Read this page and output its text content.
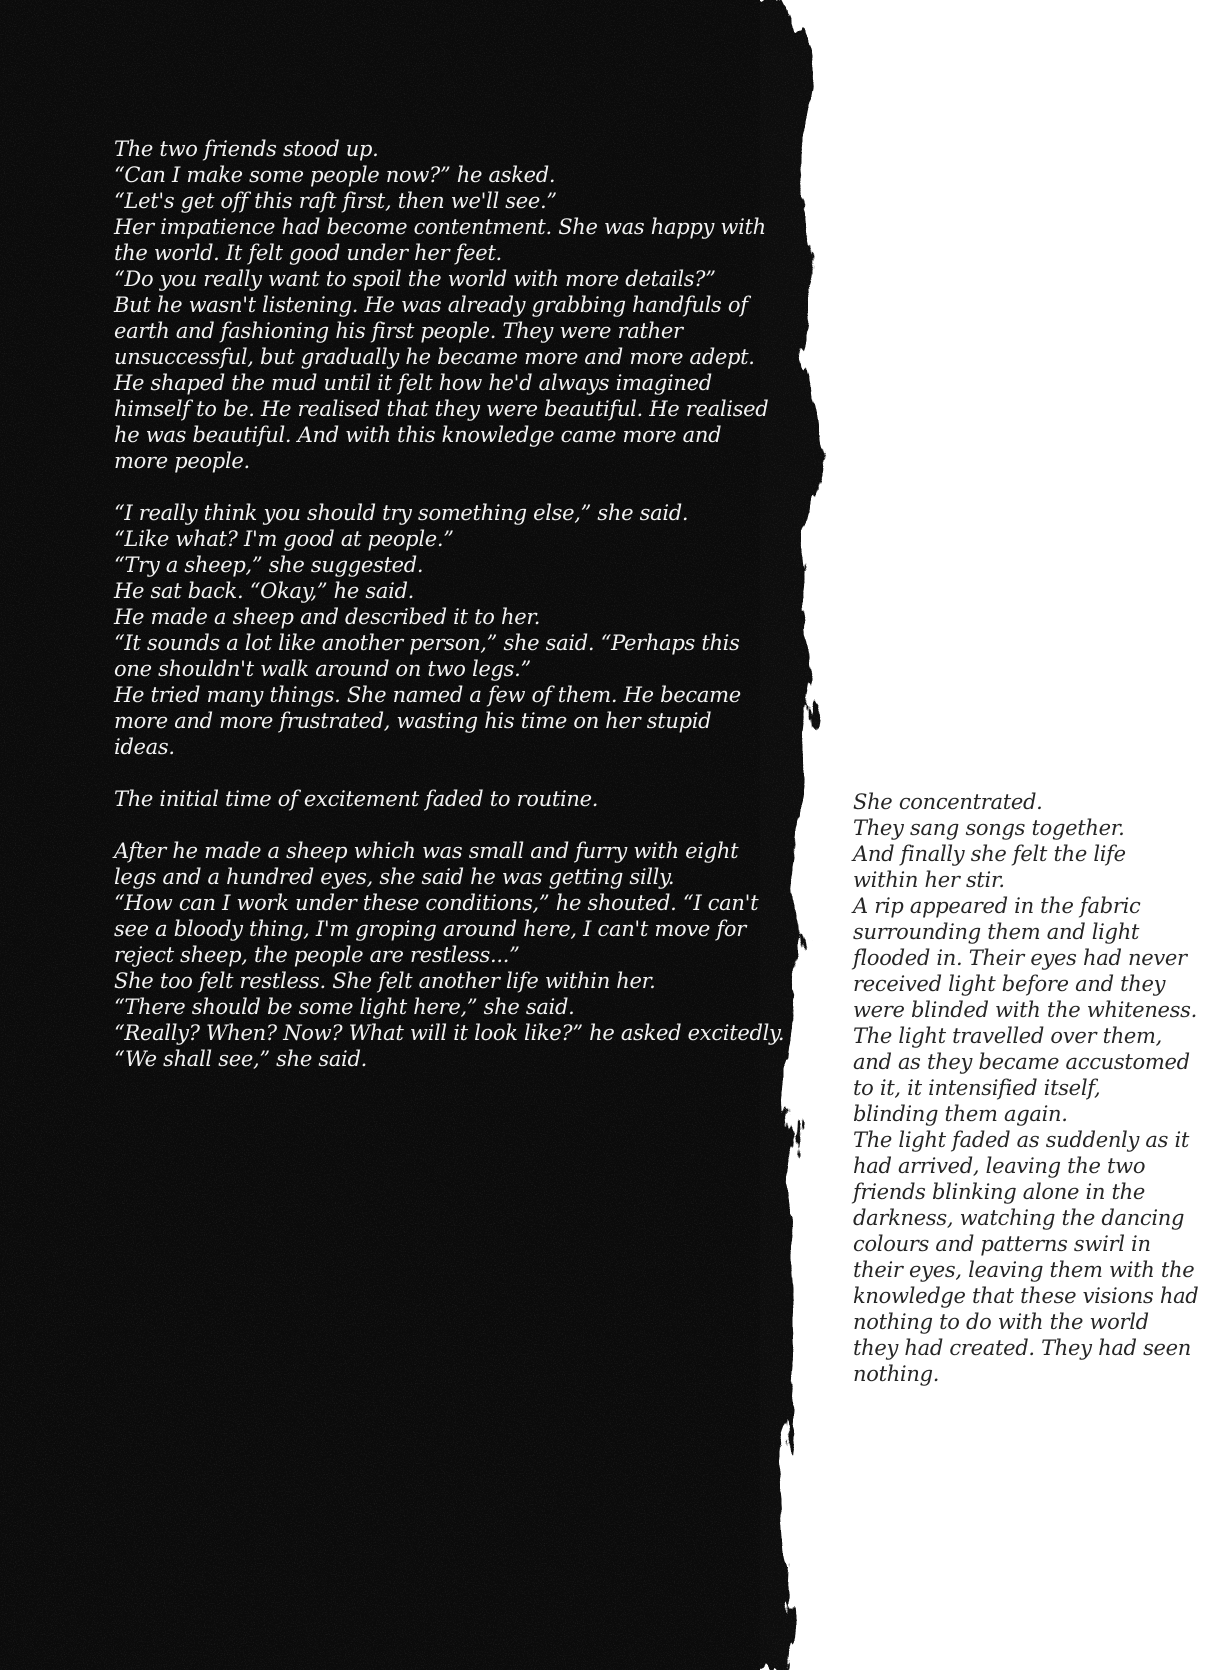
The two friends stood up.
“Can I make some people now?” he asked.
“Let's get off this raft first, then we'll see.”
Her impatience had become contentment. She was happy with
the world. It felt good under her feet.
“Do you really want to spoil the world with more details?”
But he wasn't listening. He was already grabbing handfuls of
earth and fashioning his first people. They were rather
unsuccessful, but gradually he became more and more adept.
He shaped the mud until it felt how he'd always imagined
himself to be. He realised that they were beautiful. He realised
he was beautiful. And with this knowledge came more and
more people.
“I really think you should try something else,” she said.
“Like what? I'm good at people.”
“Try a sheep,” she suggested.
He sat back. “Okay,” he said.
He made a sheep and described it to her.
“It sounds a lot like another person,” she said. “Perhaps this
one shouldn't walk around on two legs.”
He tried many things. She named a few of them. He became
more and more frustrated, wasting his time on her stupid
ideas.
The initial time of excitement faded to routine.
After he made a sheep which was small and furry with eight
legs and a hundred eyes, she said he was getting silly.
“How can I work under these conditions,” he shouted. “I can't
see a bloody thing, I'm groping around here, I can't move for
reject sheep, the people are restless...”
She too felt restless. She felt another life within her.
“There should be some light here,” she said.
“Really? When? Now? What will it look like?” he asked excitedly.
“We shall see,” she said.
She concentrated.
They sang songs together.
And finally she felt the life
within her stir.
A rip appeared in the fabric
surrounding them and light
flooded in. Their eyes had never
received light before and they
were blinded with the whiteness.
The light travelled over them,
and as they became accustomed
to it, it intensified itself,
blinding them again.
The light faded as suddenly as it
had arrived, leaving the two
friends blinking alone in the
darkness, watching the dancing
colours and patterns swirl in
their eyes, leaving them with the
knowledge that these visions had
nothing to do with the world
they had created. They had seen
nothing.
